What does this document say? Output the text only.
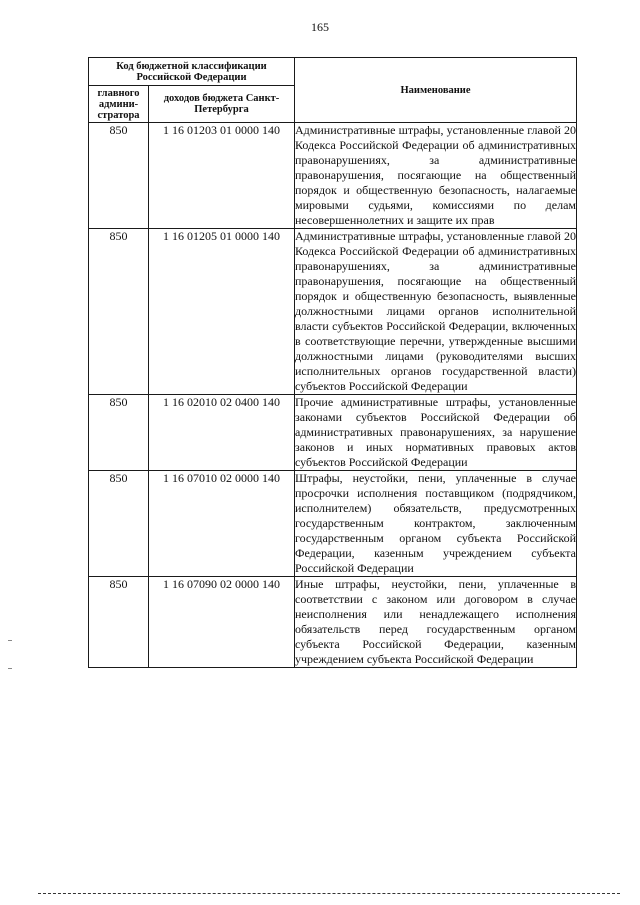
165
Код бюджетной классификации Российской Федерации		Наименование
главного админи-стратора	доходов бюджета Санкт-Петербурга	
850	1 16 01203 01 0000 140	Административные штрафы, установленные главой 20 Кодекса Российской Федерации об административных правонарушениях, за административные правонарушения, посягающие на общественный порядок и общественную безопасность, налагаемые мировыми судьями, комиссиями по делам несовершеннолетних и защите их прав
850	1 16 01205 01 0000 140	Административные штрафы, установленные главой 20 Кодекса Российской Федерации об административных правонарушениях, за административные правонарушения, посягающие на общественный порядок и общественную безопасность, выявленные должностными лицами органов исполнительной власти субъектов Российской Федерации, включенных в соответствующие перечни, утвержденные высшими должностными лицами (руководителями высших исполнительных органов государственной власти) субъектов Российской Федерации
850	1 16 02010 02 0400 140	Прочие административные штрафы, установленные законами субъектов Российской Федерации об административных правонарушениях, за нарушение законов и иных нормативных правовых актов субъектов Российской Федерации
850	1 16 07010 02 0000 140	Штрафы, неустойки, пени, уплаченные в случае просрочки исполнения поставщиком (подрядчиком, исполнителем) обязательств, предусмотренных государственным контрактом, заключенным государственным органом субъекта Российской Федерации, казенным учреждением субъекта Российской Федерации
850	1 16 07090 02 0000 140	Иные штрафы, неустойки, пени, уплаченные в соответствии с законом или договором в случае неисполнения или ненадлежащего исполнения обязательств перед государственным органом субъекта Российской Федерации, казенным учреждением субъекта Российской Федерации
